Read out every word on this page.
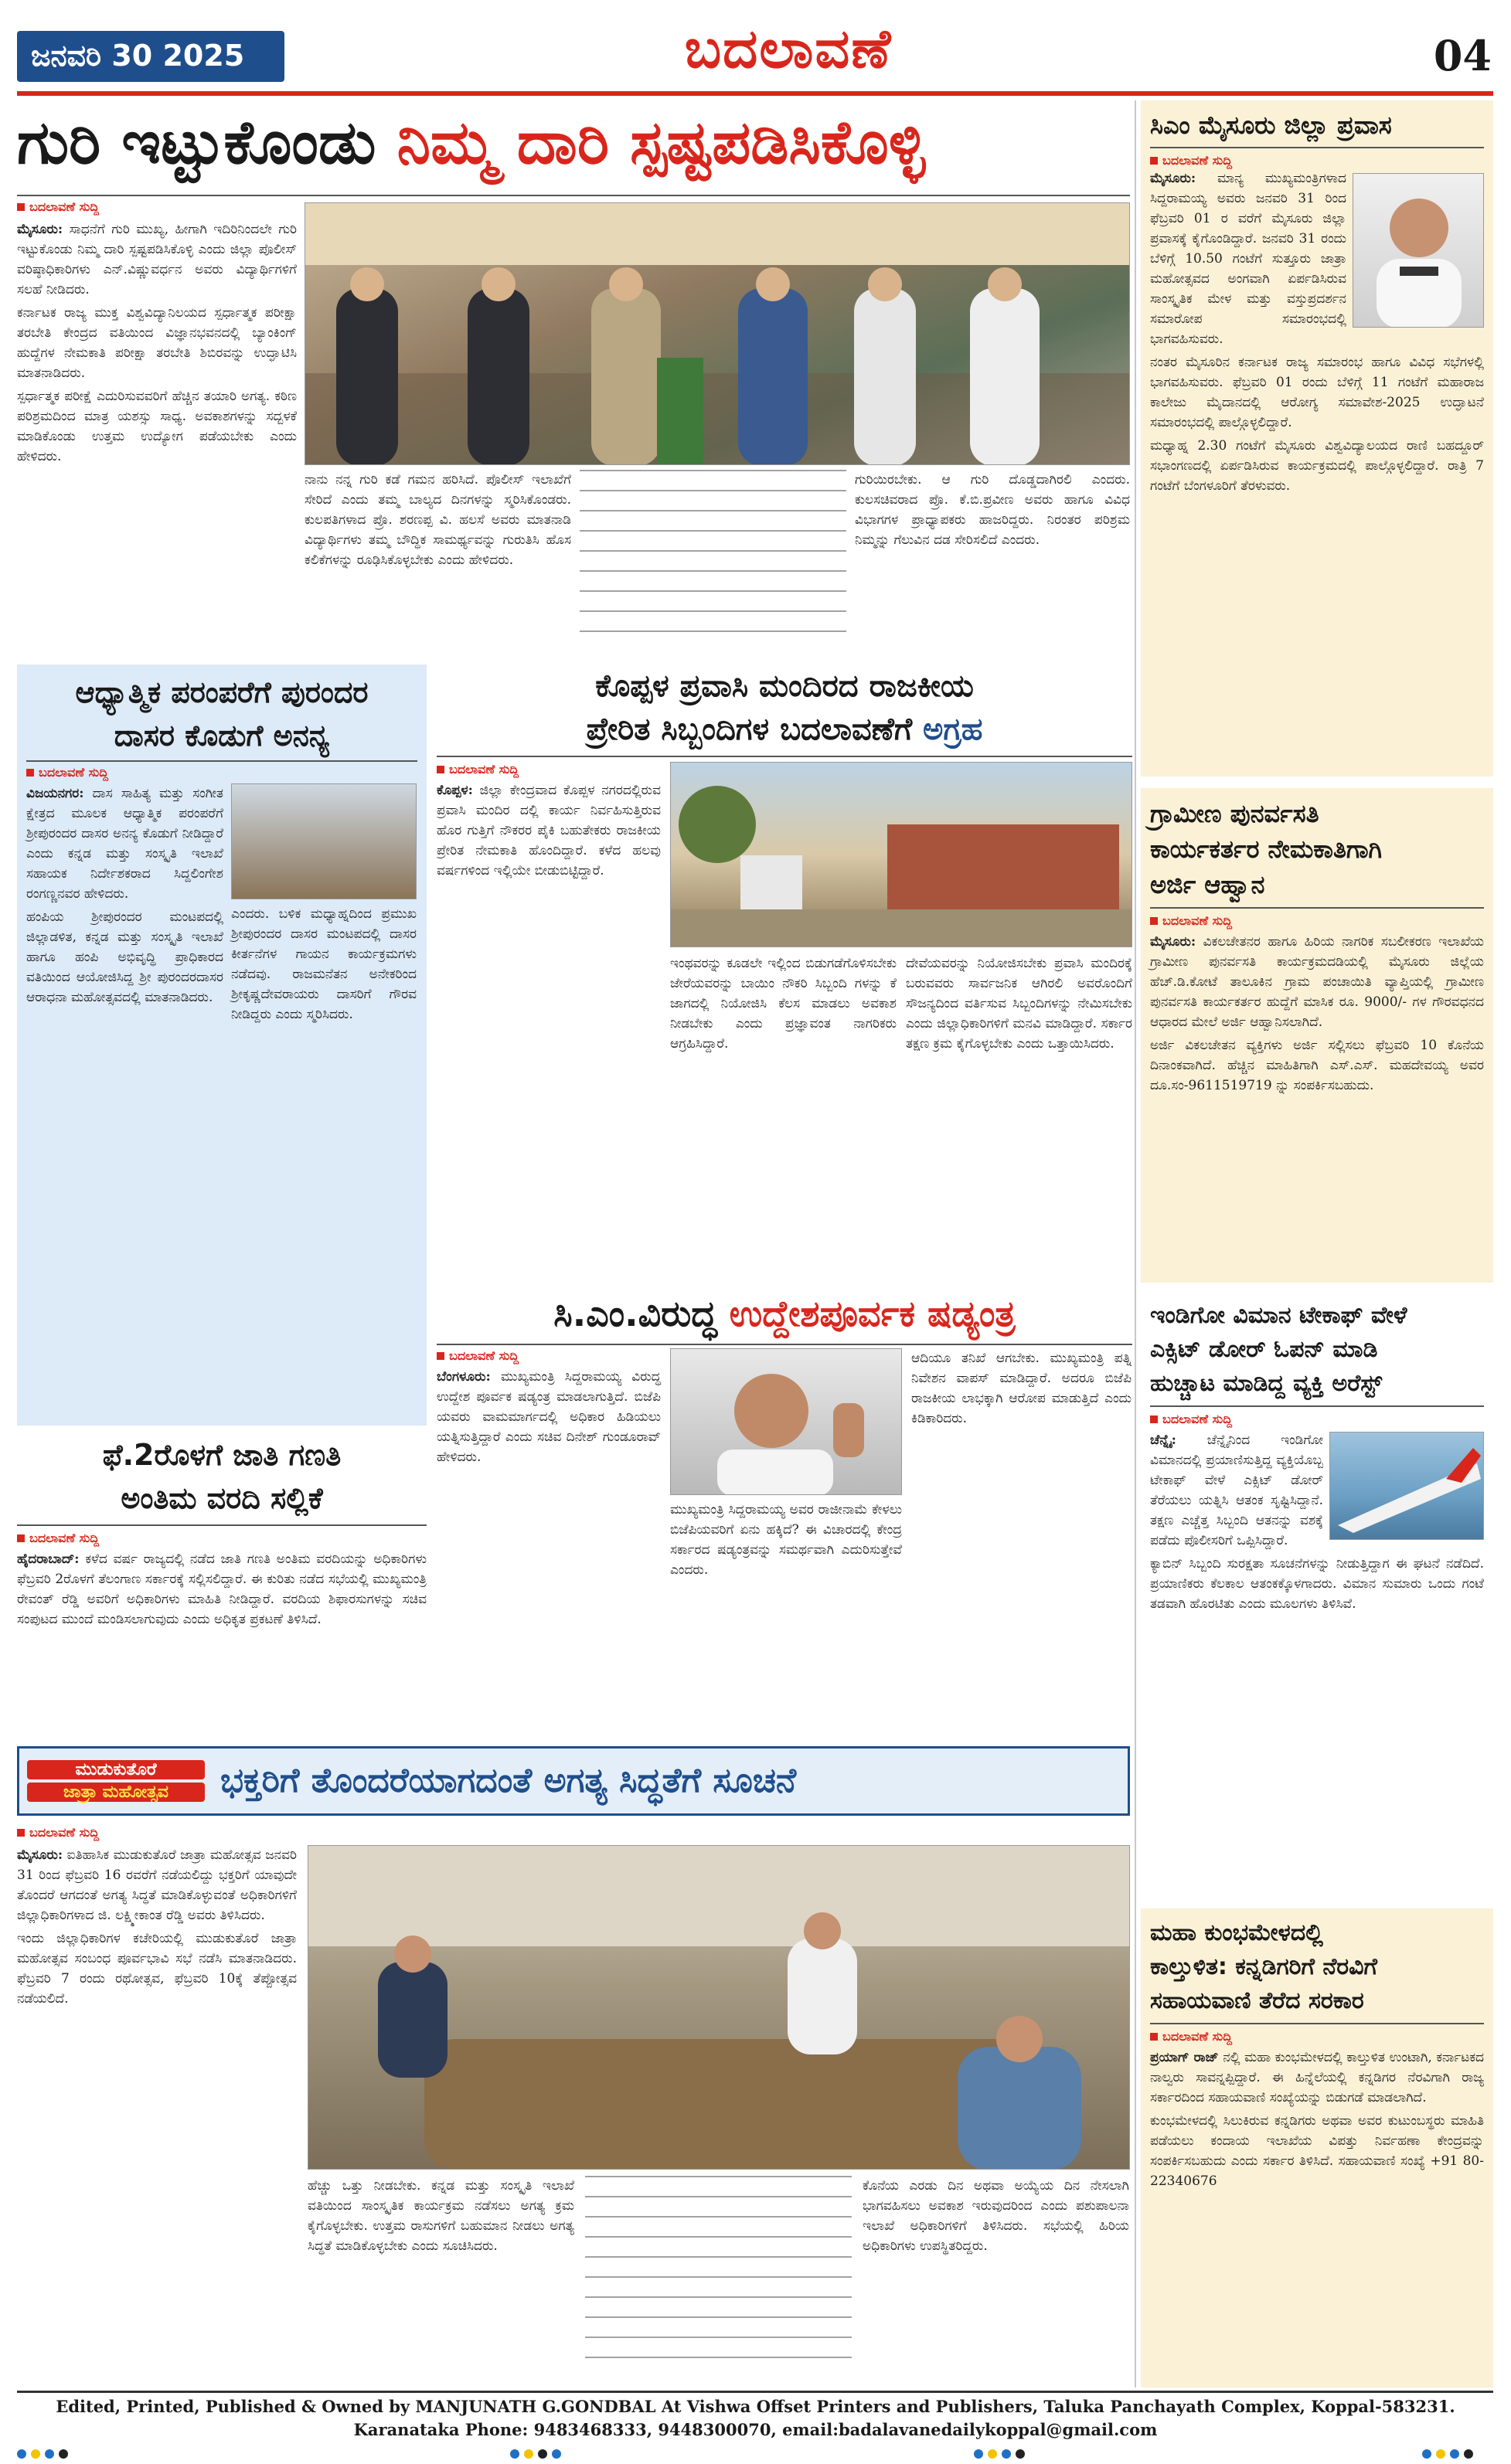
ಜನವರಿ 30 2025	ಬದಲಾವಣೆ	04
ಗುರಿ ಇಟ್ಟುಕೊಂಡು ನಿಮ್ಮ ದಾರಿ ಸ್ಪಷ್ಟಪಡಿಸಿಕೊಳ್ಳಿ
ಬದಲಾವಣೆ ಸುದ್ದಿ

ಮೈಸೂರು: ಸಾಧನೆಗೆ ಗುರಿ ಮುಖ್ಯ, ಹೀಗಾಗಿ ಇದಿರಿನಿಂದಲೇ ಗುರಿ ಇಟ್ಟುಕೊಂಡು ನಿಮ್ಮ ದಾರಿ ಸ್ಪಷ್ಟಪಡಿಸಿಕೊಳ್ಳಿ ಎಂದು ಜಿಲ್ಲಾ ಪೊಲೀಸ್ ವರಿಷ್ಠಾಧಿಕಾರಿಗಳು ಎನ್.ವಿಷ್ಣುವರ್ಧನ ಅವರು ವಿದ್ಯಾರ್ಥಿಗಳಿಗೆ ಸಲಹೆ ನೀಡಿದರು.

ಕರ್ನಾಟಕ ರಾಜ್ಯ ಮುಕ್ತ ವಿಶ್ವವಿದ್ಯಾನಿಲಯದ ಸ್ಪರ್ಧಾತ್ಮಕ ಪರೀಕ್ಷಾ ತರಬೇತಿ ಕೇಂದ್ರದ ವತಿಯಿಂದ ವಿಜ್ಞಾನಭವನದಲ್ಲಿ ಬ್ಯಾಂಕಿಂಗ್ ಹುದ್ದೆಗಳ ನೇಮಕಾತಿ ಪರೀಕ್ಷಾ ತರಬೇತಿ ಶಿಬಿರವನ್ನು ಉದ್ಘಾಟಿಸಿ ಮಾತನಾಡಿದರು.

ಸ್ಪರ್ಧಾತ್ಮಕ ಪರೀಕ್ಷೆ ಎದುರಿಸುವವರಿಗೆ ಹೆಚ್ಚಿನ ತಯಾರಿ ಅಗತ್ಯ. ಕಠಿಣ ಪರಿಶ್ರಮದಿಂದ ಮಾತ್ರ ಯಶಸ್ಸು ಸಾಧ್ಯ. ಅವಕಾಶಗಳನ್ನು ಸದ್ಬಳಕೆ ಮಾಡಿಕೊಂಡು ಉತ್ತಮ ಉದ್ಯೋಗ ಪಡೆಯಬೇಕು ಎಂದು ಹೇಳಿದರು.

ನಾನು ನನ್ನ ಗುರಿ ಕಡೆ ಗಮನ ಹರಿಸಿದೆ. ಪೊಲೀಸ್ ಇಲಾಖೆಗೆ ಸೇರಿದೆ ಎಂದು ತಮ್ಮ ಬಾಲ್ಯದ ದಿನಗಳನ್ನು ಸ್ಮರಿಸಿಕೊಂಡರು. ಕುಲಪತಿಗಳಾದ ಪ್ರೊ. ಶರಣಪ್ಪ ವಿ. ಹಲಸೆ ಅವರು ಮಾತನಾಡಿ ವಿದ್ಯಾರ್ಥಿಗಳು ತಮ್ಮ ಬೌದ್ಧಿಕ ಸಾಮರ್ಥ್ಯವನ್ನು ಗುರುತಿಸಿ ಹೊಸ ಕಲಿಕೆಗಳನ್ನು ರೂಢಿಸಿಕೊಳ್ಳಬೇಕು ಎಂದು ಹೇಳಿದರು.
ಗುರಿಯಿರಬೇಕು. ಆ ಗುರಿ ದೊಡ್ಡದಾಗಿರಲಿ ಎಂದರು. ಕುಲಸಚಿವರಾದ ಪ್ರೊ. ಕೆ.ಬಿ.ಪ್ರವೀಣ ಅವರು ಹಾಗೂ ವಿವಿಧ ವಿಭಾಗಗಳ ಪ್ರಾಧ್ಯಾಪಕರು ಹಾಜರಿದ್ದರು. ನಿರಂತರ ಪರಿಶ್ರಮ ನಿಮ್ಮನ್ನು ಗೆಲುವಿನ ದಡ ಸೇರಿಸಲಿದೆ ಎಂದರು.
ಸಿಎಂ ಮೈಸೂರು ಜಿಲ್ಲಾ ಪ್ರವಾಸ
ಬದಲಾವಣೆ ಸುದ್ದಿ

ಮೈಸೂರು: ಮಾನ್ಯ ಮುಖ್ಯಮಂತ್ರಿಗಳಾದ ಸಿದ್ದರಾಮಯ್ಯ ಅವರು ಜನವರಿ 31 ರಿಂದ ಫೆಬ್ರವರಿ 01 ರ ವರೆಗೆ ಮೈಸೂರು ಜಿಲ್ಲಾ ಪ್ರವಾಸಕ್ಕೆ ಕೈಗೊಂಡಿದ್ದಾರೆ. ಜನವರಿ 31 ರಂದು ಬೆಳಿಗ್ಗೆ 10.50 ಗಂಟೆಗೆ ಸುತ್ತೂರು ಜಾತ್ರಾ ಮಹೋತ್ಸವದ ಅಂಗವಾಗಿ ಏರ್ಪಡಿಸಿರುವ ಸಾಂಸ್ಕೃತಿಕ ಮೇಳ ಮತ್ತು ವಸ್ತುಪ್ರದರ್ಶನ ಸಮಾರೋಪ ಸಮಾರಂಭದಲ್ಲಿ ಭಾಗವಹಿಸುವರು.

ನಂತರ ಮೈಸೂರಿನ ಕರ್ನಾಟಕ ರಾಜ್ಯ ಸಮಾರಂಭ ಹಾಗೂ ವಿವಿಧ ಸಭೆಗಳಲ್ಲಿ ಭಾಗವಹಿಸುವರು. ಫೆಬ್ರವರಿ 01 ರಂದು ಬೆಳಿಗ್ಗೆ 11 ಗಂಟೆಗೆ ಮಹಾರಾಜ ಕಾಲೇಜು ಮೈದಾನದಲ್ಲಿ ಆರೋಗ್ಯ ಸಮಾವೇಶ-2025 ಉದ್ಘಾಟನೆ ಸಮಾರಂಭದಲ್ಲಿ ಪಾಲ್ಗೊಳ್ಳಲಿದ್ದಾರೆ.

ಮಧ್ಯಾಹ್ನ 2.30 ಗಂಟೆಗೆ ಮೈಸೂರು ವಿಶ್ವವಿದ್ಯಾಲಯದ ರಾಣಿ ಬಹದ್ದೂರ್ ಸಭಾಂಗಣದಲ್ಲಿ ಏರ್ಪಡಿಸಿರುವ ಕಾರ್ಯಕ್ರಮದಲ್ಲಿ ಪಾಲ್ಗೊಳ್ಳಲಿದ್ದಾರೆ. ರಾತ್ರಿ 7 ಗಂಟೆಗೆ ಬೆಂಗಳೂರಿಗೆ ತೆರಳುವರು.

ಆಧ್ಯಾತ್ಮಿಕ ಪರಂಪರೆಗೆ ಪುರಂದರ
ದಾಸರ ಕೊಡುಗೆ ಅನನ್ಯ
ಬದಲಾವಣೆ ಸುದ್ದಿ

ವಿಜಯನಗರ: ದಾಸ ಸಾಹಿತ್ಯ ಮತ್ತು ಸಂಗೀತ ಕ್ಷೇತ್ರದ ಮೂಲಕ ಆಧ್ಯಾತ್ಮಿಕ ಪರಂಪರೆಗೆ ಶ್ರೀಪುರಂದರ ದಾಸರ ಅನನ್ಯ ಕೊಡುಗೆ ನೀಡಿದ್ದಾರೆ ಎಂದು ಕನ್ನಡ ಮತ್ತು ಸಂಸ್ಕೃತಿ ಇಲಾಖೆ ಸಹಾಯಕ ನಿರ್ದೇಶಕರಾದ ಸಿದ್ದಲಿಂಗೇಶ ರಂಗಣ್ಣನವರ ಹೇಳಿದರು.

ಹಂಪಿಯ ಶ್ರೀಪುರಂದರ ಮಂಟಪದಲ್ಲಿ ಜಿಲ್ಲಾಡಳಿತ, ಕನ್ನಡ ಮತ್ತು ಸಂಸ್ಕೃತಿ ಇಲಾಖೆ ಹಾಗೂ ಹಂಪಿ ಅಭಿವೃದ್ಧಿ ಪ್ರಾಧಿಕಾರದ ವತಿಯಿಂದ ಆಯೋಜಿಸಿದ್ದ ಶ್ರೀ ಪುರಂದರದಾಸರ ಆರಾಧನಾ ಮಹೋತ್ಸವದಲ್ಲಿ ಮಾತನಾಡಿದರು.

ಎಂದರು. ಬಳಿಕ ಮಧ್ಯಾಹ್ನದಿಂದ ಪ್ರಮುಖ ಶ್ರೀಪುರಂದರ ದಾಸರ ಮಂಟಪದಲ್ಲಿ ದಾಸರ ಕೀರ್ತನೆಗಳ ಗಾಯನ ಕಾರ್ಯಕ್ರಮಗಳು ನಡೆದವು. ರಾಜಮನೆತನ ಅನೇಕರಿಂದ ಶ್ರೀಕೃಷ್ಣದೇವರಾಯರು ದಾಸರಿಗೆ ಗೌರವ ನೀಡಿದ್ದರು ಎಂದು ಸ್ಮರಿಸಿದರು.
ಕೊಪ್ಪಳ ಪ್ರವಾಸಿ ಮಂದಿರದ ರಾಜಕೀಯ
ಪ್ರೇರಿತ ಸಿಬ್ಬಂದಿಗಳ ಬದಲಾವಣೆಗೆ ಅಗ್ರಹ
ಬದಲಾವಣೆ ಸುದ್ದಿ

ಕೊಪ್ಪಳ: ಜಿಲ್ಲಾ ಕೇಂದ್ರವಾದ ಕೊಪ್ಪಳ ನಗರದಲ್ಲಿರುವ ಪ್ರವಾಸಿ ಮಂದಿರ ದಲ್ಲಿ ಕಾರ್ಯ ನಿರ್ವಹಿಸುತ್ತಿರುವ ಹೊರ ಗುತ್ತಿಗೆ ನೌಕರರ ಪೈಕಿ ಬಹುತೇಕರು ರಾಜಕೀಯ ಪ್ರೇರಿತ ನೇಮಕಾತಿ ಹೊಂದಿದ್ದಾರೆ. ಕಳೆದ ಹಲವು ವರ್ಷಗಳಿಂದ ಇಲ್ಲಿಯೇ ಬೀಡುಬಿಟ್ಟಿದ್ದಾರೆ.

ಇಂಥವರನ್ನು ಕೂಡಲೇ ಇಲ್ಲಿಂದ ಬಿಡುಗಡೆಗೊಳಿಸಬೇಕು ಜೇರೆಯವರನ್ನು ಬಾಯಿಂ ನೌಕರಿ ಸಿಬ್ಬಂದಿ ಗಳನ್ನು ಕೆ ಜಾಗದಲ್ಲಿ ನಿಯೋಜಿಸಿ ಕೆಲಸ ಮಾಡಲು ಅವಕಾಶ ನೀಡಬೇಕು ಎಂದು ಪ್ರಜ್ಞಾವಂತ ನಾಗರಿಕರು ಆಗ್ರಹಿಸಿದ್ದಾರೆ.
ದೇವೆಯವರನ್ನು ನಿಯೋಜಿಸಬೇಕು ಪ್ರವಾಸಿ ಮಂದಿರಕ್ಕೆ ಬರುವವರು ಸಾರ್ವಜನಿಕ ಆಗಿರಲಿ ಅವರೊಂದಿಗೆ ಸೌಜನ್ಯದಿಂದ ವರ್ತಿಸುವ ಸಿಬ್ಬಂದಿಗಳನ್ನು ನೇಮಿಸಬೇಕು ಎಂದು ಜಿಲ್ಲಾಧಿಕಾರಿಗಳಿಗೆ ಮನವಿ ಮಾಡಿದ್ದಾರೆ. ಸರ್ಕಾರ ತಕ್ಷಣ ಕ್ರಮ ಕೈಗೊಳ್ಳಬೇಕು ಎಂದು ಒತ್ತಾಯಿಸಿದರು.
ಫೆ.2ರೊಳಗೆ ಜಾತಿ ಗಣತಿ
ಅಂತಿಮ ವರದಿ ಸಲ್ಲಿಕೆ
ಬದಲಾವಣೆ ಸುದ್ದಿ
ಹೈದರಾಬಾದ್: ಕಳೆದ ವರ್ಷ ರಾಜ್ಯದಲ್ಲಿ ನಡೆದ ಜಾತಿ ಗಣತಿ ಅಂತಿಮ ವರದಿಯನ್ನು ಅಧಿಕಾರಿಗಳು ಫೆಬ್ರವರಿ 2ರೊಳಗೆ ತೆಲಂಗಾಣ ಸರ್ಕಾರಕ್ಕೆ ಸಲ್ಲಿಸಲಿದ್ದಾರೆ. ಈ ಕುರಿತು ನಡೆದ ಸಭೆಯಲ್ಲಿ ಮುಖ್ಯಮಂತ್ರಿ ರೇವಂತ್ ರೆಡ್ಡಿ ಅವರಿಗೆ ಅಧಿಕಾರಿಗಳು ಮಾಹಿತಿ ನೀಡಿದ್ದಾರೆ. ವರದಿಯ ಶಿಫಾರಸುಗಳನ್ನು ಸಚಿವ ಸಂಪುಟದ ಮುಂದೆ ಮಂಡಿಸಲಾಗುವುದು ಎಂದು ಅಧಿಕೃತ ಪ್ರಕಟಣೆ ತಿಳಿಸಿದೆ.
ಸಿ.ಎಂ.ವಿರುದ್ಧ ಉದ್ದೇಶಪೂರ್ವಕ ಷಡ್ಯಂತ್ರ
ಬದಲಾವಣೆ ಸುದ್ದಿ
ಬೆಂಗಳೂರು: ಮುಖ್ಯಮಂತ್ರಿ ಸಿದ್ದರಾಮಯ್ಯ ವಿರುದ್ಧ ಉದ್ದೇಶ ಪೂರ್ವಕ ಷಡ್ಯಂತ್ರ ಮಾಡಲಾಗುತ್ತಿದೆ. ಬಿಜೆಪಿ ಯವರು ವಾಮಮಾರ್ಗದಲ್ಲಿ ಅಧಿಕಾರ ಹಿಡಿಯಲು ಯತ್ನಿಸುತ್ತಿದ್ದಾರೆ ಎಂದು ಸಚಿವ ದಿನೇಶ್ ಗುಂಡೂರಾವ್ ಹೇಳಿದರು.
ಮುಖ್ಯಮಂತ್ರಿ ಸಿದ್ದರಾಮಯ್ಯ ಅವರ ರಾಜೀನಾಮೆ ಕೇಳಲು ಬಿಜೆಪಿಯವರಿಗೆ ಏನು ಹಕ್ಕಿದೆ? ಈ ವಿಚಾರದಲ್ಲಿ ಕೇಂದ್ರ ಸರ್ಕಾರದ ಷಡ್ಯಂತ್ರವನ್ನು ಸಮರ್ಥವಾಗಿ ಎದುರಿಸುತ್ತೇವೆ ಎಂದರು.
ಆದಿಯೂ ತನಿಖೆ ಆಗಬೇಕು. ಮುಖ್ಯಮಂತ್ರಿ ಪತ್ನಿ ನಿವೇಶನ ವಾಪಸ್ ಮಾಡಿದ್ದಾರೆ. ಅದರೂ ಬಿಜೆಪಿ ರಾಜಕೀಯ ಲಾಭಕ್ಕಾಗಿ ಆರೋಪ ಮಾಡುತ್ತಿದೆ ಎಂದು ಕಿಡಿಕಾರಿದರು.
ಗ್ರಾಮೀಣ ಪುನರ್ವಸತಿ
ಕಾರ್ಯಕರ್ತರ ನೇಮಕಾತಿಗಾಗಿ
ಅರ್ಜಿ ಆಹ್ವಾನ
ಬದಲಾವಣೆ ಸುದ್ದಿ

ಮೈಸೂರು: ವಿಕಲಚೇತನರ ಹಾಗೂ ಹಿರಿಯ ನಾಗರಿಕ ಸಬಲೀಕರಣ ಇಲಾಖೆಯ ಗ್ರಾಮೀಣ ಪುನರ್ವಸತಿ ಕಾರ್ಯಕ್ರಮದಡಿಯಲ್ಲಿ ಮೈಸೂರು ಜಿಲ್ಲೆಯ ಹೆಚ್.ಡಿ.ಕೋಟೆ ತಾಲೂಕಿನ ಗ್ರಾಮ ಪಂಚಾಯಿತಿ ವ್ಯಾಪ್ತಿಯಲ್ಲಿ ಗ್ರಾಮೀಣ ಪುನರ್ವಸತಿ ಕಾರ್ಯಕರ್ತರ ಹುದ್ದೆಗೆ ಮಾಸಿಕ ರೂ. 9000/- ಗಳ ಗೌರವಧನದ ಆಧಾರದ ಮೇಲೆ ಅರ್ಜಿ ಆಹ್ವಾನಿಸಲಾಗಿದೆ.

ಅರ್ಜಿ ವಿಕಲಚೇತನ ವ್ಯಕ್ತಿಗಳು ಅರ್ಜಿ ಸಲ್ಲಿಸಲು ಫೆಬ್ರವರಿ 10 ಕೊನೆಯ ದಿನಾಂಕವಾಗಿದೆ. ಹೆಚ್ಚಿನ ಮಾಹಿತಿಗಾಗಿ ಎಸ್.ಎಸ್. ಮಹದೇವಯ್ಯ ಅವರ ದೂ.ಸಂ-9611519719 ನ್ನು ಸಂಪರ್ಕಿಸಬಹುದು.

ಇಂಡಿಗೋ ವಿಮಾನ ಟೇಕಾಫ್ ವೇಳೆ
ಎಕ್ಸಿಟ್ ಡೋರ್ ಓಪನ್ ಮಾಡಿ
ಹುಚ್ಚಾಟ ಮಾಡಿದ್ದ ವ್ಯಕ್ತಿ ಅರೆಸ್ಟ್
ಬದಲಾವಣೆ ಸುದ್ದಿ

ಚೆನ್ನೈ: ಚೆನ್ನೈನಿಂದ ಇಂಡಿಗೋ ವಿಮಾನದಲ್ಲಿ ಪ್ರಯಾಣಿಸುತ್ತಿದ್ದ ವ್ಯಕ್ತಿಯೊಬ್ಬ ಟೇಕಾಫ್ ವೇಳೆ ಎಕ್ಸಿಟ್ ಡೋರ್ ತೆರೆಯಲು ಯತ್ನಿಸಿ ಆತಂಕ ಸೃಷ್ಟಿಸಿದ್ದಾನೆ. ತಕ್ಷಣ ಎಚ್ಚೆತ್ತ ಸಿಬ್ಬಂದಿ ಆತನನ್ನು ವಶಕ್ಕೆ ಪಡೆದು ಪೊಲೀಸರಿಗೆ ಒಪ್ಪಿಸಿದ್ದಾರೆ.

ಕ್ಯಾಬಿನ್ ಸಿಬ್ಬಂದಿ ಸುರಕ್ಷತಾ ಸೂಚನೆಗಳನ್ನು ನೀಡುತ್ತಿದ್ದಾಗ ಈ ಘಟನೆ ನಡೆದಿದೆ. ಪ್ರಯಾಣಿಕರು ಕೆಲಕಾಲ ಆತಂಕಕ್ಕೊಳಗಾದರು. ವಿಮಾನ ಸುಮಾರು ಒಂದು ಗಂಟೆ ತಡವಾಗಿ ಹೊರಟಿತು ಎಂದು ಮೂಲಗಳು ತಿಳಿಸಿವೆ.

ಮಹಾ ಕುಂಭಮೇಳದಲ್ಲಿ
ಕಾಲ್ತುಳಿತ: ಕನ್ನಡಿಗರಿಗೆ ನೆರವಿಗೆ
ಸಹಾಯವಾಣಿ ತೆರೆದ ಸರಕಾರ
ಬದಲಾವಣೆ ಸುದ್ದಿ

ಪ್ರಯಾಗ್ ರಾಜ್ ನಲ್ಲಿ ಮಹಾ ಕುಂಭಮೇಳದಲ್ಲಿ ಕಾಲ್ತುಳಿತ ಉಂಟಾಗಿ, ಕರ್ನಾಟಕದ ನಾಲ್ವರು ಸಾವನ್ನಪ್ಪಿದ್ದಾರೆ. ಈ ಹಿನ್ನೆಲೆಯಲ್ಲಿ ಕನ್ನಡಿಗರ ನೆರವಿಗಾಗಿ ರಾಜ್ಯ ಸರ್ಕಾರದಿಂದ ಸಹಾಯವಾಣಿ ಸಂಖ್ಯೆಯನ್ನು ಬಿಡುಗಡೆ ಮಾಡಲಾಗಿದೆ.

ಕುಂಭಮೇಳದಲ್ಲಿ ಸಿಲುಕಿರುವ ಕನ್ನಡಿಗರು ಅಥವಾ ಅವರ ಕುಟುಂಬಸ್ಥರು ಮಾಹಿತಿ ಪಡೆಯಲು ಕಂದಾಯ ಇಲಾಖೆಯ ವಿಪತ್ತು ನಿರ್ವಹಣಾ ಕೇಂದ್ರವನ್ನು ಸಂಪರ್ಕಿಸಬಹುದು ಎಂದು ಸರ್ಕಾರ ತಿಳಿಸಿದೆ. ಸಹಾಯವಾಣಿ ಸಂಖ್ಯೆ +91 80-22340676

ಮುಡುಕುತೊರೆ
ಜಾತ್ರಾ ಮಹೋತ್ಸವ	ಭಕ್ತರಿಗೆ ತೊಂದರೆಯಾಗದಂತೆ ಅಗತ್ಯ ಸಿದ್ಧತೆಗೆ ಸೂಚನೆ
ಬದಲಾವಣೆ ಸುದ್ದಿ

ಮೈಸೂರು: ಐತಿಹಾಸಿಕ ಮುಡುಕುತೊರೆ ಜಾತ್ರಾ ಮಹೋತ್ಸವ ಜನವರಿ 31 ರಿಂದ ಫೆಬ್ರವರಿ 16 ರವರೆಗೆ ನಡೆಯಲಿದ್ದು ಭಕ್ತರಿಗೆ ಯಾವುದೇ ತೊಂದರೆ ಆಗದಂತೆ ಅಗತ್ಯ ಸಿದ್ಧತೆ ಮಾಡಿಕೊಳ್ಳುವಂತೆ ಅಧಿಕಾರಿಗಳಿಗೆ ಜಿಲ್ಲಾಧಿಕಾರಿಗಳಾದ ಜಿ. ಲಕ್ಷ್ಮೀಕಾಂತ ರೆಡ್ಡಿ ಅವರು ತಿಳಿಸಿದರು.

ಇಂದು ಜಿಲ್ಲಾಧಿಕಾರಿಗಳ ಕಚೇರಿಯಲ್ಲಿ ಮುಡುಕುತೊರೆ ಜಾತ್ರಾ ಮಹೋತ್ಸವ ಸಂಬಂಧ ಪೂರ್ವಭಾವಿ ಸಭೆ ನಡೆಸಿ ಮಾತನಾಡಿದರು. ಫೆಬ್ರವರಿ 7 ರಂದು ರಥೋತ್ಸವ, ಫೆಬ್ರವರಿ 10ಕ್ಕೆ ತೆಪ್ಪೋತ್ಸವ ನಡೆಯಲಿದೆ.

ಹೆಚ್ಚು ಒತ್ತು ನೀಡಬೇಕು. ಕನ್ನಡ ಮತ್ತು ಸಂಸ್ಕೃತಿ ಇಲಾಖೆ ವತಿಯಿಂದ ಸಾಂಸ್ಕೃತಿಕ ಕಾರ್ಯಕ್ರಮ ನಡೆಸಲು ಅಗತ್ಯ ಕ್ರಮ ಕೈಗೊಳ್ಳಬೇಕು. ಉತ್ತಮ ರಾಸುಗಳಿಗೆ ಬಹುಮಾನ ನೀಡಲು ಅಗತ್ಯ ಸಿದ್ಧತೆ ಮಾಡಿಕೊಳ್ಳಬೇಕು ಎಂದು ಸೂಚಿಸಿದರು.
ಕೊನೆಯ ಎರಡು ದಿನ ಅಥವಾ ಅಯ್ಯೆಯ ದಿನ ನೇಸಲಾಗಿ ಭಾಗವಹಿಸಲು ಅವಕಾಶ ಇರುವುದರಿಂದ ಎಂದು ಪಶುಪಾಲನಾ ಇಲಾಖೆ ಅಧಿಕಾರಿಗಳಿಗೆ ತಿಳಿಸಿದರು. ಸಭೆಯಲ್ಲಿ ಹಿರಿಯ ಅಧಿಕಾರಿಗಳು ಉಪಸ್ಥಿತರಿದ್ದರು.
Edited, Printed, Published & Owned by MANJUNATH G.GONDBAL At Vishwa Offset Printers and Publishers, Taluka Panchayath Complex, Koppal-583231.
Karanataka Phone: 9483468333, 9448300070, email:badalavanedailykoppal@gmail.com
